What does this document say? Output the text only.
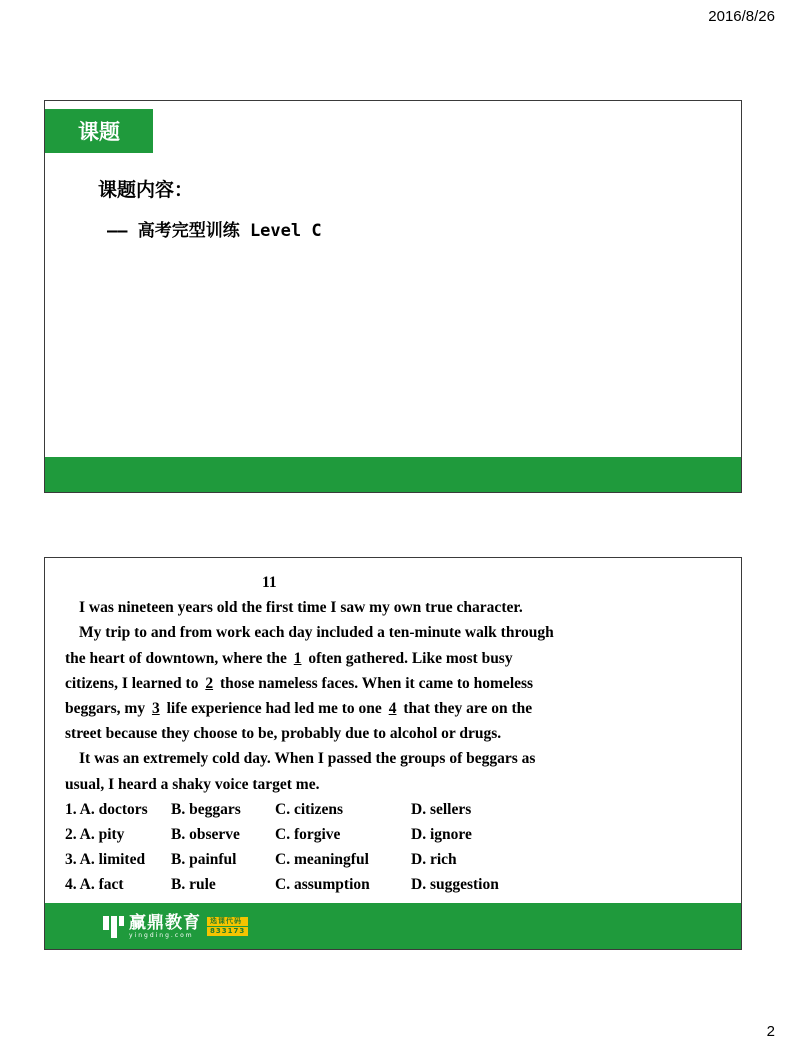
2016/8/26
课题
课题内容：
—— 高考完型训练 Level C
11
I was nineteen years old the first time I saw my own true character.
My trip to and from work each day included a ten-minute walk through
the heart of downtown, where the 1 often gathered. Like most busy
citizens, I learned to 2 those nameless faces. When it came to homeless
beggars, my 3 life experience had led me to one 4 that they are on the
street because they choose to be, probably due to alcohol or drugs.
It was an extremely cold day. When I passed the groups of beggars as
usual, I heard a shaky voice target me.
1. A. doctors	B. beggars	C. citizens	D. sellers
2. A. pity	B. observe	C. forgive	D. ignore
3. A. limited	B. painful	C. meaningful	D. rich
4. A. fact	B. rule	C. assumption	D. suggestion
赢鼎教育
yingding.com
选课代码
833173
2
